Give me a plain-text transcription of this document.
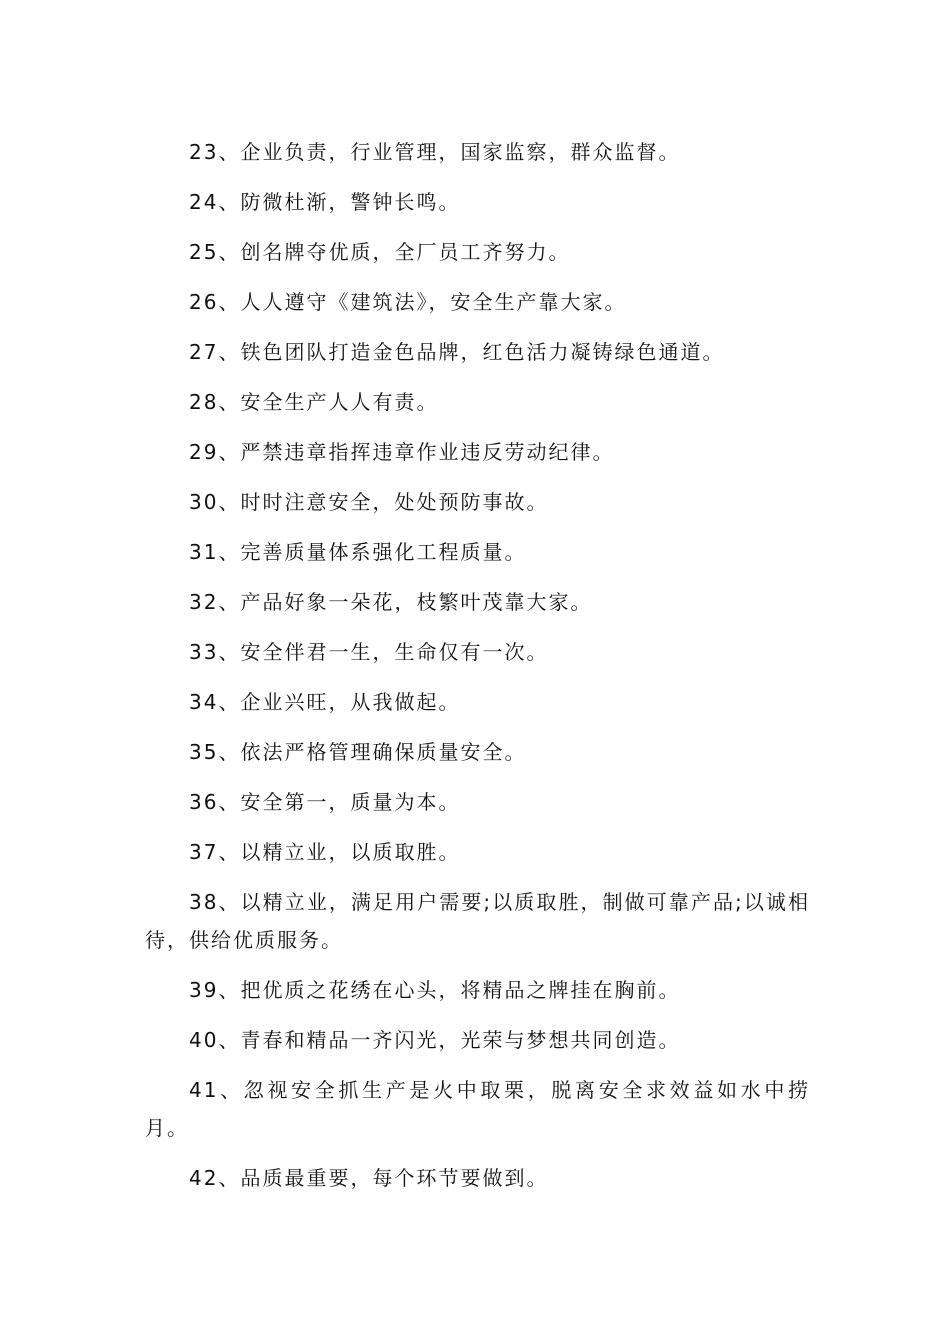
23、企业负责，行业管理，国家监察，群众监督。

24、防微杜渐，警钟长鸣。

25、创名牌夺优质，全厂员工齐努力。

26、人人遵守《建筑法》，安全生产靠大家。

27、铁色团队打造金色品牌，红色活力凝铸绿色通道。

28、安全生产人人有责。

29、严禁违章指挥违章作业违反劳动纪律。

30、时时注意安全，处处预防事故。

31、完善质量体系强化工程质量。

32、产品好象一朵花，枝繁叶茂靠大家。

33、安全伴君一生，生命仅有一次。

34、企业兴旺，从我做起。

35、依法严格管理确保质量安全。

36、安全第一，质量为本。

37、以精立业，以质取胜。

38、以精立业，满足用户需要;以质取胜，制做可靠产品;以诚相待，供给优质服务。

39、把优质之花绣在心头，将精品之牌挂在胸前。

40、青春和精品一齐闪光，光荣与梦想共同创造。

41、忽视安全抓生产是火中取栗，脱离安全求效益如水中捞月。

42、品质最重要，每个环节要做到。
